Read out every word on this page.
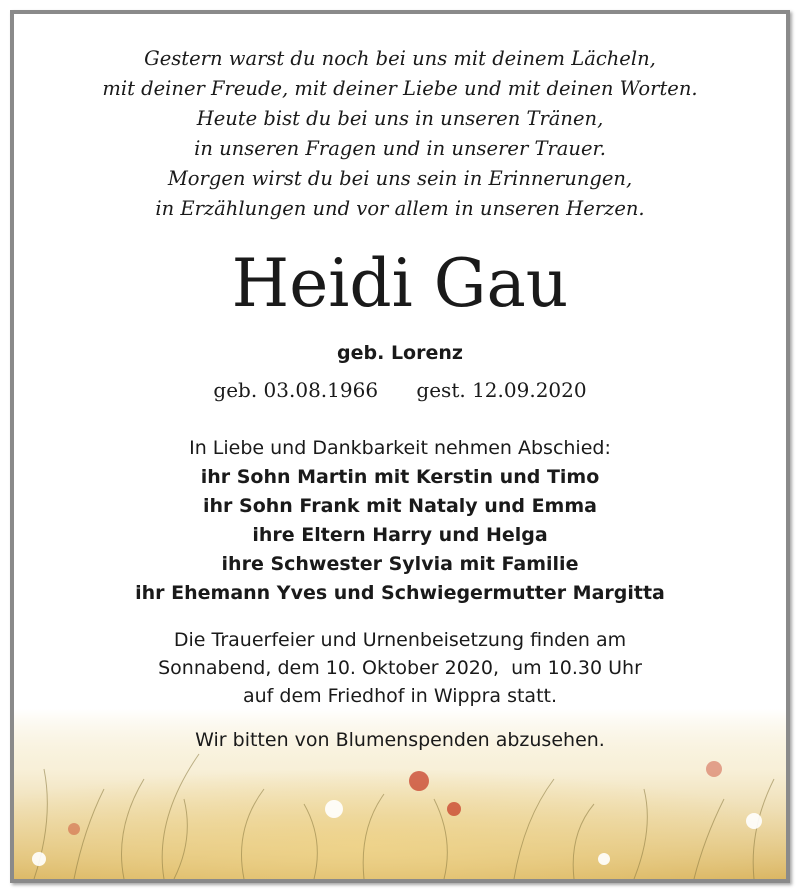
Gestern warst du noch bei uns mit deinem Lächeln,
mit deiner Freude, mit deiner Liebe und mit deinen Worten.
Heute bist du bei uns in unseren Tränen,
in unseren Fragen und in unserer Trauer.
Morgen wirst du bei uns sein in Erinnerungen,
in Erzählungen und vor allem in unseren Herzen.
Heidi Gau
geb. Lorenz
geb. 03.08.1966 gest. 12.09.2020
In Liebe und Dankbarkeit nehmen Abschied:
ihr Sohn Martin mit Kerstin und Timo
ihr Sohn Frank mit Nataly und Emma
ihre Eltern Harry und Helga
ihre Schwester Sylvia mit Familie
ihr Ehemann Yves und Schwiegermutter Margitta
Die Trauerfeier und Urnenbeisetzung finden am
Sonnabend, dem 10. Oktober 2020,  um 10.30 Uhr
auf dem Friedhof in Wippra statt.
Wir bitten von Blumenspenden abzusehen.
